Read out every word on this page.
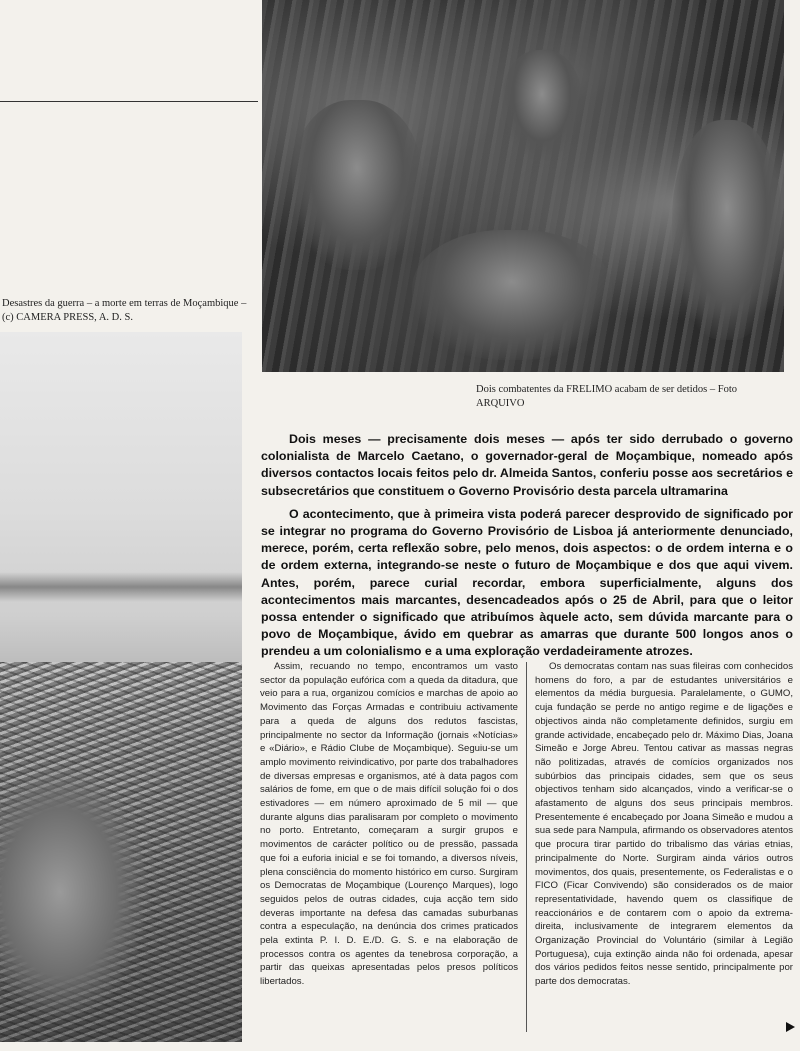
Desastres da guerra – a morte em terras de Moçambique – (c) CAMERA PRESS, A. D. S.
Dois combatentes da FRELIMO acabam de ser detidos – Foto ARQUIVO

Dois meses — precisamente dois meses — após ter sido derrubado o governo colonialista de Marcelo Caetano, o governador-geral de Moçambique, nomeado após diversos contactos locais feitos pelo dr. Almeida Santos, conferiu posse aos secretários e subsecretários que constituem o Governo Provisório desta parcela ultramarina

O acontecimento, que à primeira vista poderá parecer desprovido de significado por se integrar no programa do Governo Provisório de Lisboa já anteriormente denunciado, merece, porém, certa reflexão sobre, pelo menos, dois aspectos: o de ordem interna e o de ordem externa, integrando-se neste o futuro de Moçambique e dos que aqui vivem. Antes, porém, parece curial recordar, embora superficialmente, alguns dos acontecimentos mais marcantes, desencadeados após o 25 de Abril, para que o leitor possa entender o significado que atribuímos àquele acto, sem dúvida marcante para o povo de Moçambique, ávido em quebrar as amarras que durante 500 longos anos o prendeu a um colonialismo e a uma exploração verdadeiramente atrozes.

Assim, recuando no tempo, encontramos um vasto sector da população eufórica com a queda da ditadura, que veio para a rua, organizou comícios e marchas de apoio ao Movimento das Forças Armadas e contribuiu activamente para a queda de alguns dos redutos fascistas, principalmente no sector da Informação (jornais «Notícias» e «Diário», e Rádio Clube de Moçambique). Seguiu-se um amplo movimento reivindicativo, por parte dos trabalhadores de diversas empresas e organismos, até à data pagos com salários de fome, em que o de mais difícil solução foi o dos estivadores — em número aproximado de 5 mil — que durante alguns dias paralisaram por completo o movimento no porto. Entretanto, começaram a surgir grupos e movimentos de carácter político ou de pressão, passada que foi a euforia inicial e se foi tomando, a diversos níveis, plena consciência do momento histórico em curso. Surgiram os Democratas de Moçambique (Lourenço Marques), logo seguidos pelos de outras cidades, cuja acção tem sido deveras importante na defesa das camadas suburbanas contra a especulação, na denúncia dos crimes praticados pela extinta P. I. D. E./D. G. S. e na elaboração de processos contra os agentes da tenebrosa corporação, a partir das queixas apresentadas pelos presos políticos libertados.

Os democratas contam nas suas fileiras com conhecidos homens do foro, a par de estudantes universitários e elementos da média burguesia. Paralelamente, o GUMO, cuja fundação se perde no antigo regime e de ligações e objectivos ainda não completamente definidos, surgiu em grande actividade, encabeçado pelo dr. Máximo Dias, Joana Simeão e Jorge Abreu. Tentou cativar as massas negras não politizadas, através de comícios organizados nos subúrbios das principais cidades, sem que os seus objectivos tenham sido alcançados, vindo a verificar-se o afastamento de alguns dos seus principais membros. Presentemente é encabeçado por Joana Simeão e mudou a sua sede para Nampula, afirmando os observadores atentos que procura tirar partido do tribalismo das várias etnias, principalmente do Norte. Surgiram ainda vários outros movimentos, dos quais, presentemente, os Federalistas e o FICO (Ficar Convivendo) são considerados os de maior representatividade, havendo quem os classifique de reaccionários e de contarem com o apoio da extrema-direita, inclusivamente de integrarem elementos da Organização Provincial do Voluntário (similar à Legião Portuguesa), cuja extinção ainda não foi ordenada, apesar dos vários pedidos feitos nesse sentido, principalmente por parte dos democratas.
